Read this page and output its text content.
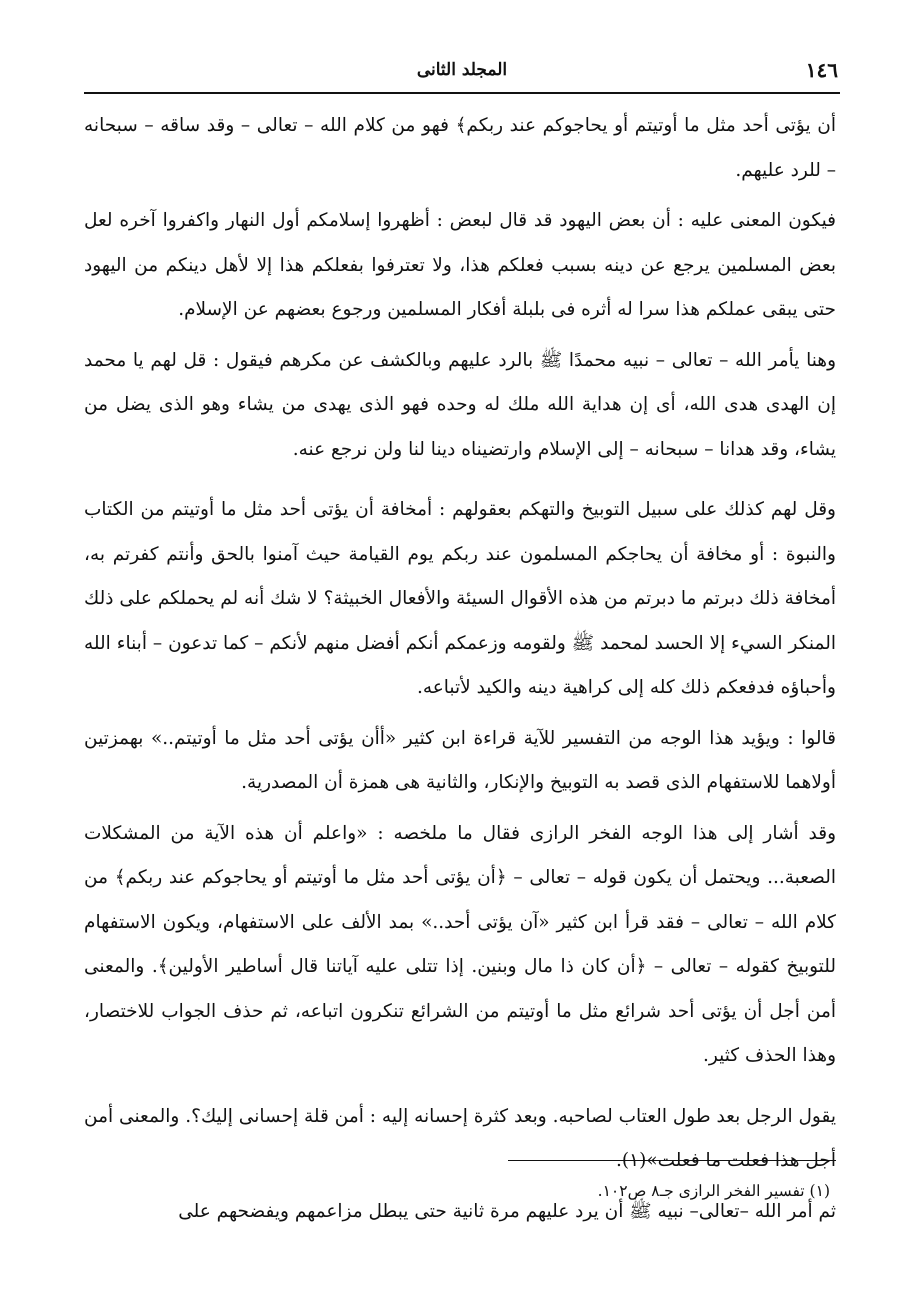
١٤٦
المجلد الثانى

أن يؤتى أحد مثل ما أوتيتم أو يحاجوكم عند ربكم﴾ فهو من كلام الله – تعالى – وقد ساقه – سبحانه – للرد عليهم.

فيكون المعنى عليه : أن بعض اليهود قد قال لبعض : أظهروا إسلامكم أول النهار واكفروا آخره لعل بعض المسلمين يرجع عن دينه بسبب فعلكم هذا، ولا تعترفوا بفعلكم هذا إلا لأهل دينكم من اليهود حتى يبقى عملكم هذا سرا له أثره فى بلبلة أفكار المسلمين ورجوع بعضهم عن الإسلام.

وهنا يأمر الله – تعالى – نبيه محمدًا ﷺ بالرد عليهم وبالكشف عن مكرهم فيقول : قل لهم يا محمد إن الهدى هدى الله، أى إن هداية الله ملك له وحده فهو الذى يهدى من يشاء وهو الذى يضل من يشاء، وقد هدانا – سبحانه – إلى الإسلام وارتضيناه دينا لنا ولن نرجع عنه.

وقل لهم كذلك على سبيل التوبيخ والتهكم بعقولهم : أمخافة أن يؤتى أحد مثل ما أوتيتم من الكتاب والنبوة : أو مخافة أن يحاجكم المسلمون عند ربكم يوم القيامة حيث آمنوا بالحق وأنتم كفرتم به، أمخافة ذلك دبرتم ما دبرتم من هذه الأقوال السيئة والأفعال الخبيثة؟ لا شك أنه لم يحملكم على ذلك المنكر السيء إلا الحسد لمحمد ﷺ ولقومه وزعمكم أنكم أفضل منهم لأنكم – كما تدعون – أبناء الله وأحباؤه فدفعكم ذلك كله إلى كراهية دينه والكيد لأتباعه.

قالوا : ويؤيد هذا الوجه من التفسير للآية قراءة ابن كثير «أأن يؤتى أحد مثل ما أوتيتم..» بهمزتين أولاهما للاستفهام الذى قصد به التوبيخ والإنكار، والثانية هى همزة أن المصدرية.

وقد أشار إلى هذا الوجه الفخر الرازى فقال ما ملخصه : «واعلم أن هذه الآية من المشكلات الصعبة... ويحتمل أن يكون قوله – تعالى – ﴿أن يؤتى أحد مثل ما أوتيتم أو يحاجوكم عند ربكم﴾ من كلام الله – تعالى – فقد قرأ ابن كثير «آن يؤتى أحد..» بمد الألف على الاستفهام، ويكون الاستفهام للتوبيخ كقوله – تعالى – ﴿أن كان ذا مال وبنين. إذا تتلى عليه آياتنا قال أساطير الأولين﴾. والمعنى أمن أجل أن يؤتى أحد شرائع مثل ما أوتيتم من الشرائع تنكرون اتباعه، ثم حذف الجواب للاختصار، وهذا الحذف كثير.

يقول الرجل بعد طول العتاب لصاحبه. وبعد كثرة إحسانه إليه : أمن قلة إحسانى إليك؟. والمعنى أمن أجل هذا فعلت ما فعلت»(١).

ثم أمر الله –تعالى– نبيه ﷺ أن يرد عليهم مرة ثانية حتى يبطل مزاعمهم ويفضحهم على

(١) تفسير الفخر الرازى جـ٨ ص١٠٢.
